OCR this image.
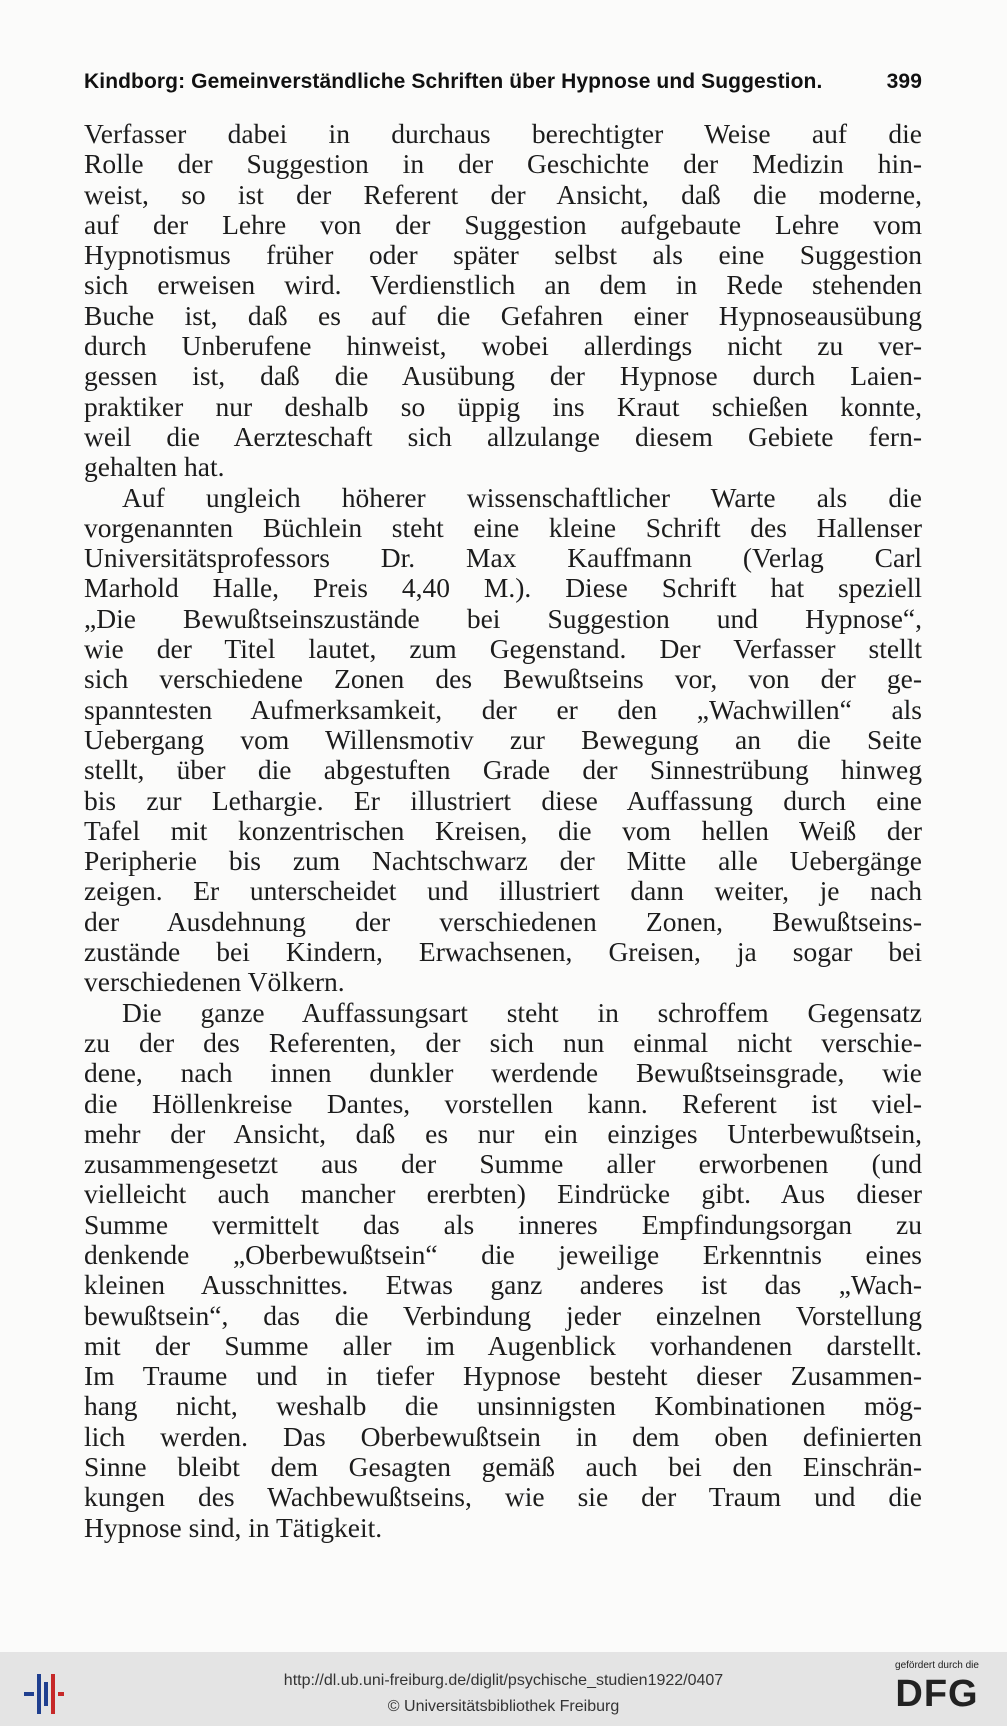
Kindborg: Gemeinverständliche Schriften über Hypnose und Suggestion.	399
Verfasser dabei in durchaus berechtigter Weise auf die
Rolle der Suggestion in der Geschichte der Medizin hin-
weist, so ist der Referent der Ansicht, daß die moderne,
auf der Lehre von der Suggestion aufgebaute Lehre vom
Hypnotismus früher oder später selbst als eine Suggestion
sich erweisen wird. Verdienstlich an dem in Rede stehenden
Buche ist, daß es auf die Gefahren einer Hypnoseausübung
durch Unberufene hinweist, wobei allerdings nicht zu ver-
gessen ist, daß die Ausübung der Hypnose durch Laien-
praktiker nur deshalb so üppig ins Kraut schießen konnte,
weil die Aerzteschaft sich allzulange diesem Gebiete fern-
gehalten hat.
Auf ungleich höherer wissenschaftlicher Warte als die
vorgenannten Büchlein steht eine kleine Schrift des Hallenser
Universitätsprofessors Dr. Max Kauffmann (Verlag Carl
Marhold Halle, Preis 4,40 M.). Diese Schrift hat speziell
„Die Bewußtseinszustände bei Suggestion und Hypnose“,
wie der Titel lautet, zum Gegenstand. Der Verfasser stellt
sich verschiedene Zonen des Bewußtseins vor, von der ge-
spanntesten Aufmerksamkeit, der er den „Wachwillen“ als
Uebergang vom Willensmotiv zur Bewegung an die Seite
stellt, über die abgestuften Grade der Sinnestrübung hinweg
bis zur Lethargie. Er illustriert diese Auffassung durch eine
Tafel mit konzentrischen Kreisen, die vom hellen Weiß der
Peripherie bis zum Nachtschwarz der Mitte alle Uebergänge
zeigen. Er unterscheidet und illustriert dann weiter, je nach
der Ausdehnung der verschiedenen Zonen, Bewußtseins-
zustände bei Kindern, Erwachsenen, Greisen, ja sogar bei
verschiedenen Völkern.
Die ganze Auffassungsart steht in schroffem Gegensatz
zu der des Referenten, der sich nun einmal nicht verschie-
dene, nach innen dunkler werdende Bewußtseinsgrade, wie
die Höllenkreise Dantes, vorstellen kann. Referent ist viel-
mehr der Ansicht, daß es nur ein einziges Unterbewußtsein,
zusammengesetzt aus der Summe aller erworbenen (und
vielleicht auch mancher ererbten) Eindrücke gibt. Aus dieser
Summe vermittelt das als inneres Empfindungsorgan zu
denkende „Oberbewußtsein“ die jeweilige Erkenntnis eines
kleinen Ausschnittes. Etwas ganz anderes ist das „Wach-
bewußtsein“, das die Verbindung jeder einzelnen Vorstellung
mit der Summe aller im Augenblick vorhandenen darstellt.
Im Traume und in tiefer Hypnose besteht dieser Zusammen-
hang nicht, weshalb die unsinnigsten Kombinationen mög-
lich werden. Das Oberbewußtsein in dem oben definierten
Sinne bleibt dem Gesagten gemäß auch bei den Einschrän-
kungen des Wachbewußtseins, wie sie der Traum und die
Hypnose sind, in Tätigkeit.
http://dl.ub.uni-freiburg.de/diglit/psychische_studien1922/0407
© Universitätsbibliothek Freiburg
gefördert durch die
DFG
